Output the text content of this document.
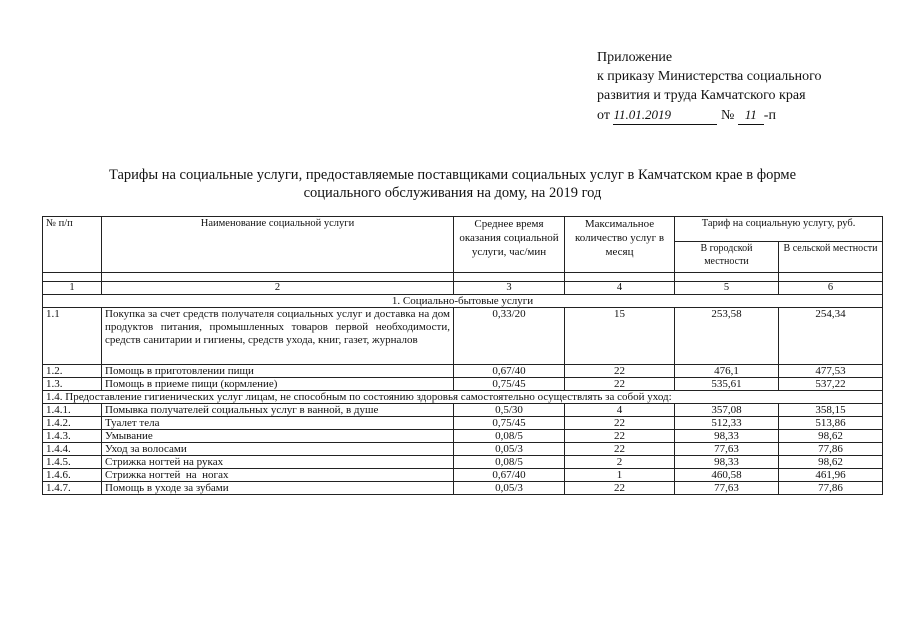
Приложение
к приказу Министерства социального
развития и труда Камчатского края
от 11.01.2019	№ 11 -п
Тарифы на социальные услуги, предоставляемые поставщиками социальных услуг в Камчатском крае в форме
социального обслуживания на дому, на 2019 год
№ п/п	Наименование социальной услуги	Среднее время оказания социальной услуги, час/мин	Максимальное количество услуг в месяц	Тариф на социальную услугу, руб.	
				В городской местности	В сельской местности

1	2	3	4	5	6
1. Социально-бытовые услуги					
1.1	Покупка за счет средств получателя социальных услуг и доставка на дом продуктов питания, промышленных товаров первой необходимости, средств санитарии и гигиены, средств ухода, книг, газет, журналов	0,33/20	15	253,58	254,34
1.2.	Помощь в приготовлении пищи	0,67/40	22	476,1	477,53
1.3.	Помощь в приеме пищи (кормление)	0,75/45	22	535,61	537,22
1.4. Предоставление гигиенических услуг лицам, не способным по состоянию здоровья самостоятельно осуществлять за собой уход:					
1.4.1.	Помывка получателей социальных услуг в ванной, в душе	0,5/30	4	357,08	358,15
1.4.2.	Туалет тела	0,75/45	22	512,33	513,86
1.4.3.	Умывание	0,08/5	22	98,33	98,62
1.4.4.	Уход за волосами	0,05/3	22	77,63	77,86
1.4.5.	Стрижка ногтей на руках	0,08/5	2	98,33	98,62
1.4.6.	Стрижка ногтей  на  ногах	0,67/40	1	460,58	461,96
1.4.7.	Помощь в уходе за зубами	0,05/3	22	77,63	77,86
